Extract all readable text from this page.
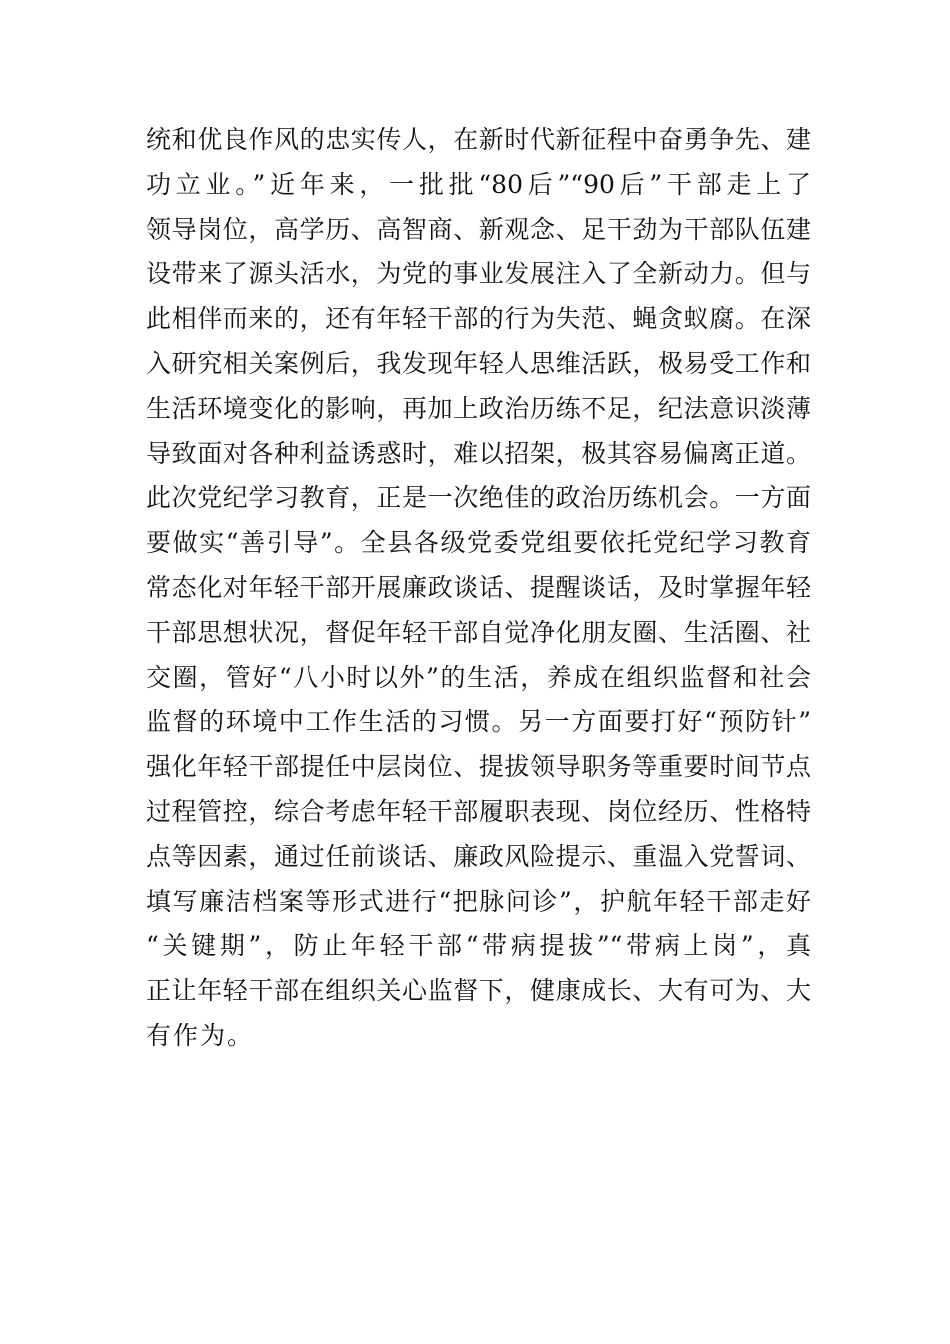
统和优良作风的忠实传人，在新时代新征程中奋勇争先、建
功立业。”近年来，一批批“80后”“90后”干部走上了
领导岗位，高学历、高智商、新观念、足干劲为干部队伍建
设带来了源头活水，为党的事业发展注入了全新动力。但与
此相伴而来的，还有年轻干部的行为失范、蝇贪蚁腐。在深
入研究相关案例后，我发现年轻人思维活跃，极易受工作和
生活环境变化的影响，再加上政治历练不足，纪法意识淡薄
导致面对各种利益诱惑时，难以招架，极其容易偏离正道。
此次党纪学习教育，正是一次绝佳的政治历练机会。一方面
要做实“善引导”。全县各级党委党组要依托党纪学习教育
常态化对年轻干部开展廉政谈话、提醒谈话，及时掌握年轻
干部思想状况，督促年轻干部自觉净化朋友圈、生活圈、社
交圈，管好“八小时以外”的生活，养成在组织监督和社会
监督的环境中工作生活的习惯。另一方面要打好“预防针”
强化年轻干部提任中层岗位、提拔领导职务等重要时间节点
过程管控，综合考虑年轻干部履职表现、岗位经历、性格特
点等因素，通过任前谈话、廉政风险提示、重温入党誓词、
填写廉洁档案等形式进行“把脉问诊”，护航年轻干部走好
“关键期”，防止年轻干部“带病提拔”“带病上岗”，真
正让年轻干部在组织关心监督下，健康成长、大有可为、大
有作为。
